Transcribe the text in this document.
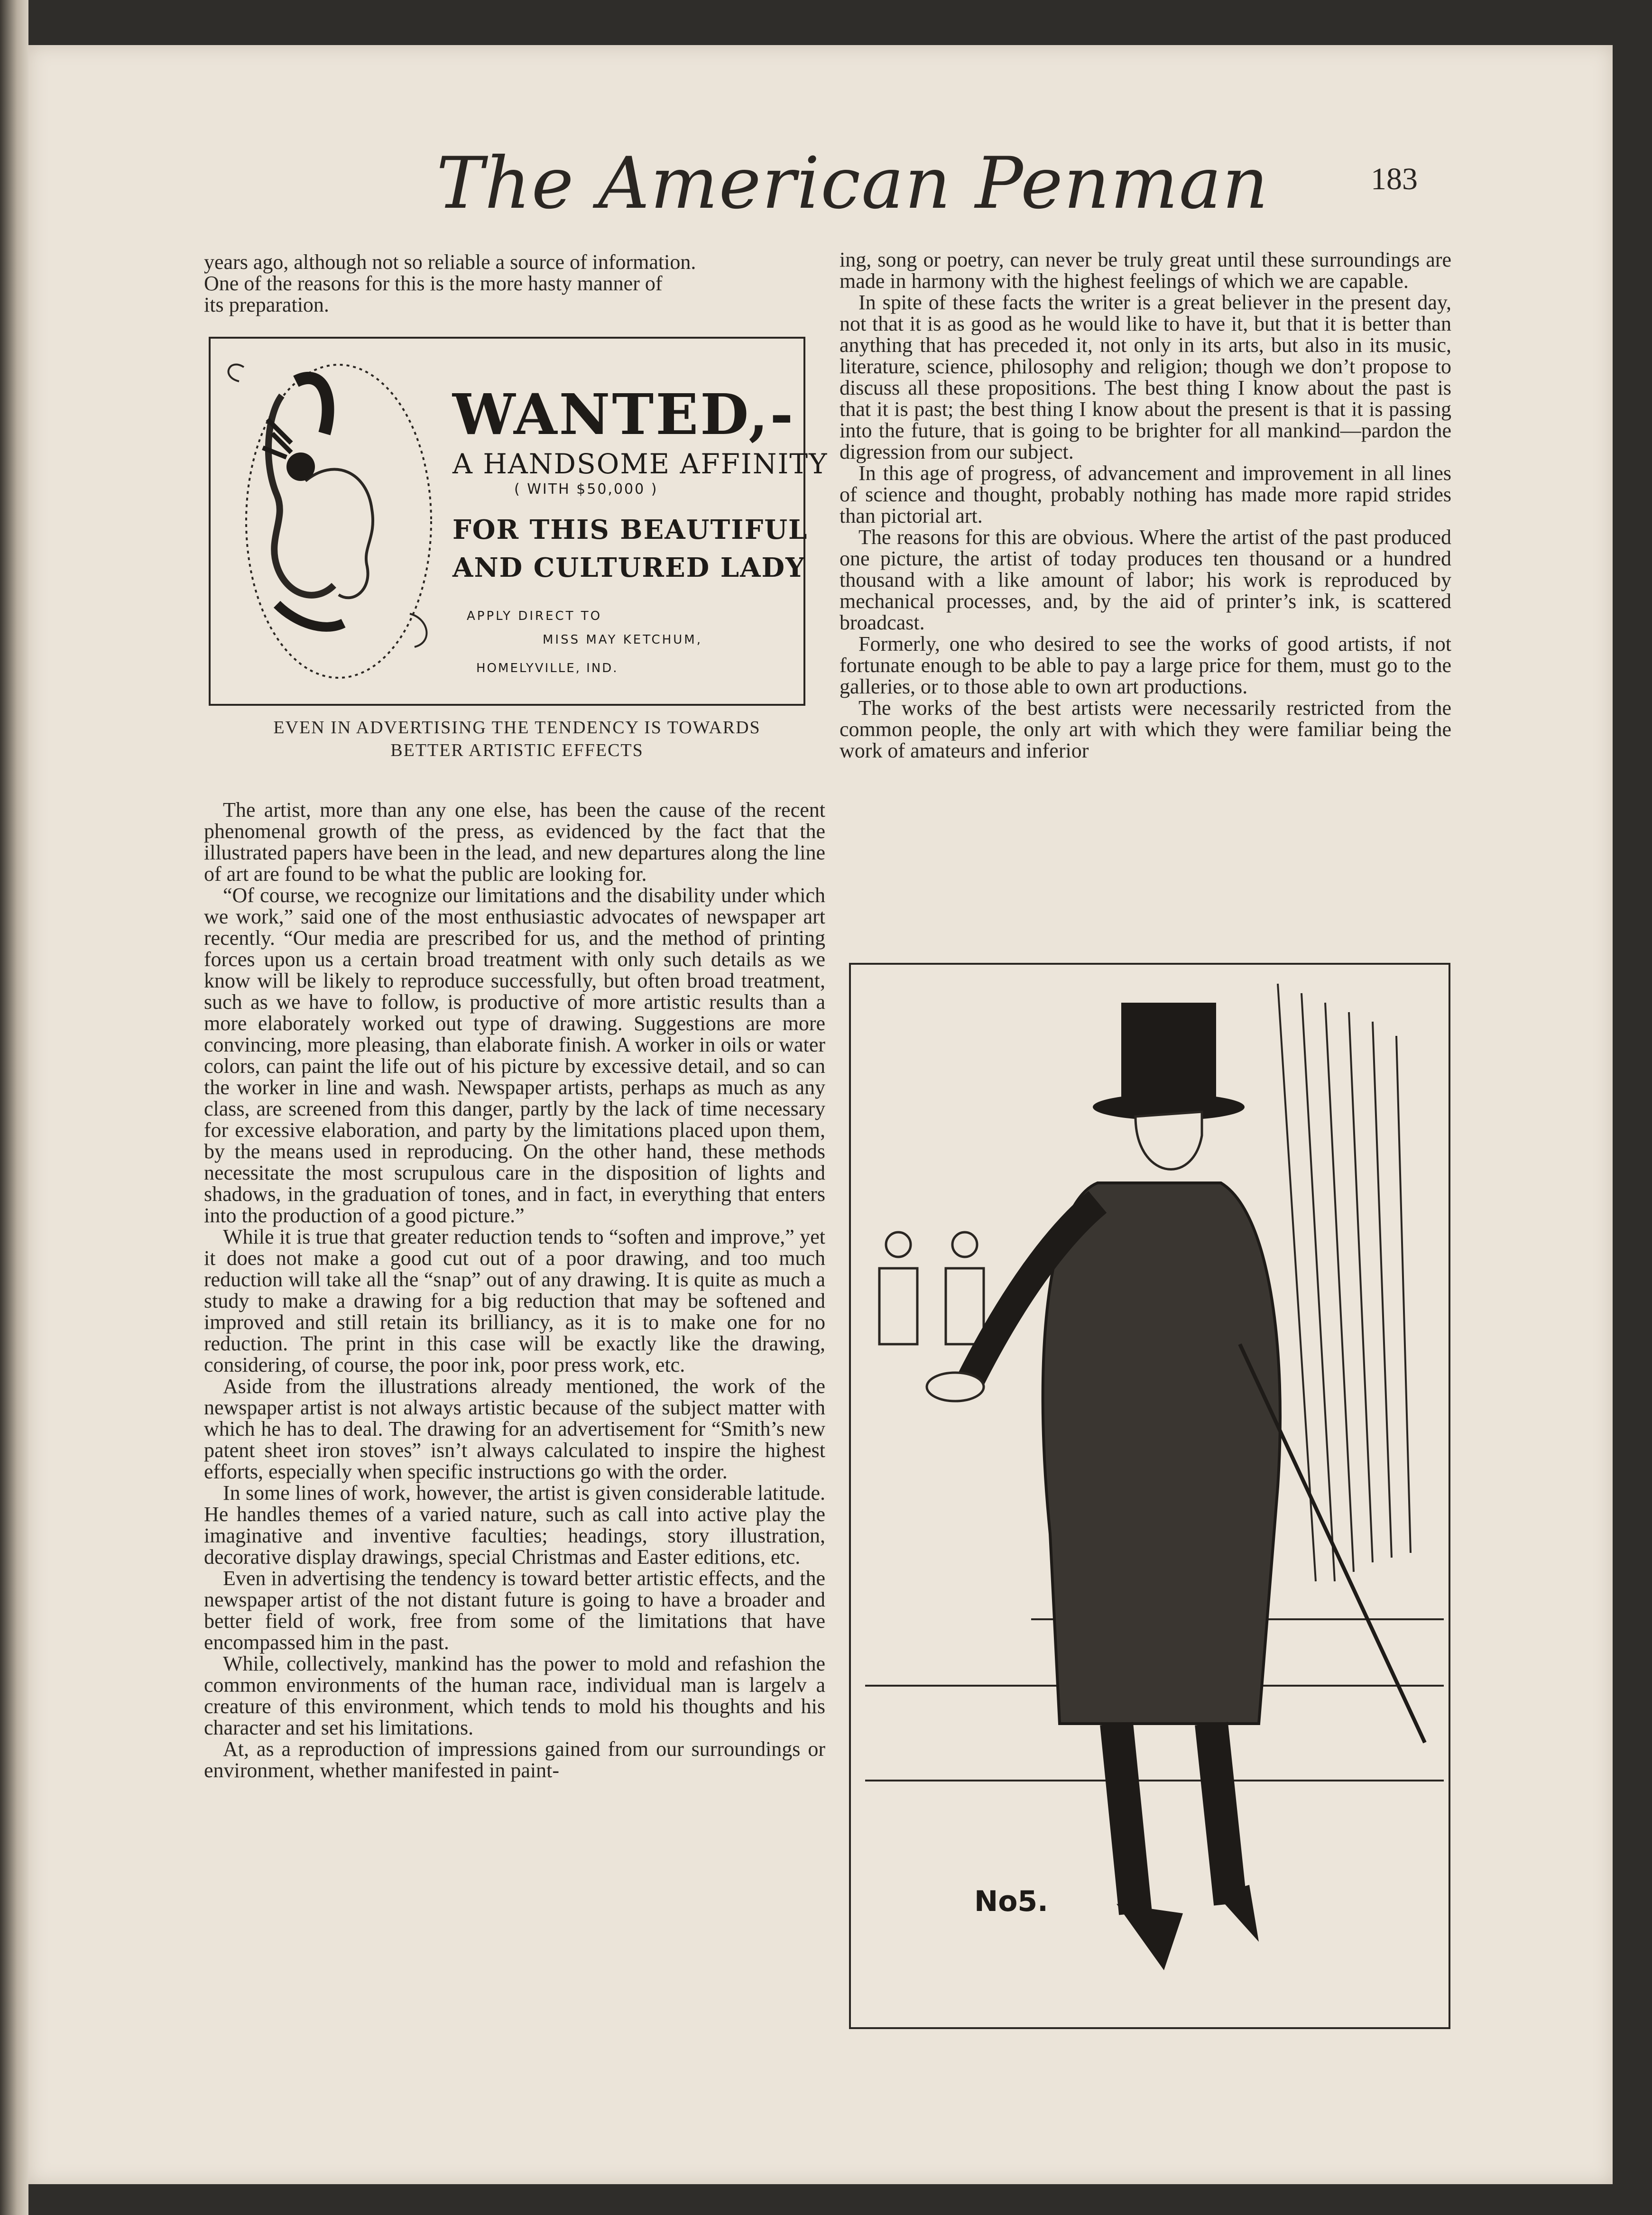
The American Penman	183

years ago, although not so reliable a source of information.

One of the reasons for this is the more hasty manner of

its preparation.

WANTED,-
A HANDSOME AFFINITY
( WITH $50,000 )
FOR THIS BEAUTIFUL
AND CULTURED LADY
APPLY DIRECT TO
MISS MAY KETCHUM,
HOMELYVILLE, IND.
EVEN IN ADVERTISING THE TENDENCY IS TOWARDS
BETTER ARTISTIC EFFECTS

The artist, more than any one else, has been the cause of the recent phenomenal growth of the press, as evidenced by the fact that the illustrated papers have been in the lead, and new departures along the line of art are found to be what the public are looking for.

“Of course, we recognize our limitations and the disability under which we work,” said one of the most enthusiastic advocates of newspaper art recently. “Our media are prescribed for us, and the method of printing forces upon us a certain broad treatment with only such details as we know will be likely to reproduce successfully, but often broad treatment, such as we have to follow, is productive of more artistic results than a more elaborately worked out type of drawing. Suggestions are more convincing, more pleasing, than elaborate finish. A worker in oils or water colors, can paint the life out of his picture by excessive detail, and so can the worker in line and wash. Newspaper artists, perhaps as much as any class, are screened from this danger, partly by the lack of time necessary for excessive elaboration, and party by the limitations placed upon them, by the means used in reproducing. On the other hand, these methods necessitate the most scrupulous care in the disposition of lights and shadows, in the graduation of tones, and in fact, in everything that enters into the production of a good picture.”

While it is true that greater reduction tends to “soften and improve,” yet it does not make a good cut out of a poor drawing, and too much reduction will take all the “snap” out of any drawing. It is quite as much a study to make a drawing for a big reduction that may be softened and improved and still retain its brilliancy, as it is to make one for no reduction. The print in this case will be exactly like the drawing, considering, of course, the poor ink, poor press work, etc.

Aside from the illustrations already mentioned, the work of the newspaper artist is not always artistic because of the subject matter with which he has to deal. The drawing for an advertisement for “Smith’s new patent sheet iron stoves” isn’t always calculated to inspire the highest efforts, especially when specific instructions go with the order.

In some lines of work, however, the artist is given considerable latitude. He handles themes of a varied nature, such as call into active play the imaginative and inventive faculties; headings, story illustration, decorative display drawings, special Christmas and Easter editions, etc.

Even in advertising the tendency is toward better artistic effects, and the newspaper artist of the not distant future is going to have a broader and better field of work, free from some of the limitations that have encompassed him in the past.

While, collectively, mankind has the power to mold and refashion the common environments of the human race, individual man is largelv a creature of this environment, which tends to mold his thoughts and his character and set his limitations.

At, as a reproduction of impressions gained from our surroundings or environment, whether manifested in paint-

ing, song or poetry, can never be truly great until these surroundings are made in harmony with the highest feelings of which we are capable.

In spite of these facts the writer is a great believer in the present day, not that it is as good as he would like to have it, but that it is better than anything that has preceded it, not only in its arts, but also in its music, literature, science, philosophy and religion; though we don’t propose to discuss all these propositions. The best thing I know about the past is that it is past; the best thing I know about the present is that it is passing into the future, that is going to be brighter for all mankind—pardon the digression from our subject.

In this age of progress, of advancement and improvement in all lines of science and thought, probably nothing has made more rapid strides than pictorial art.

The reasons for this are obvious. Where the artist of the past produced one picture, the artist of today produces ten thousand or a hundred thousand with a like amount of labor; his work is reproduced by mechanical processes, and, by the aid of printer’s ink, is scattered broadcast.

Formerly, one who desired to see the works of good artists, if not fortunate enough to be able to pay a large price for them, must go to the galleries, or to those able to own art productions.

The works of the best artists were necessarily restricted from the common people, the only art with which they were familiar being the work of amateurs and inferior

No5.
